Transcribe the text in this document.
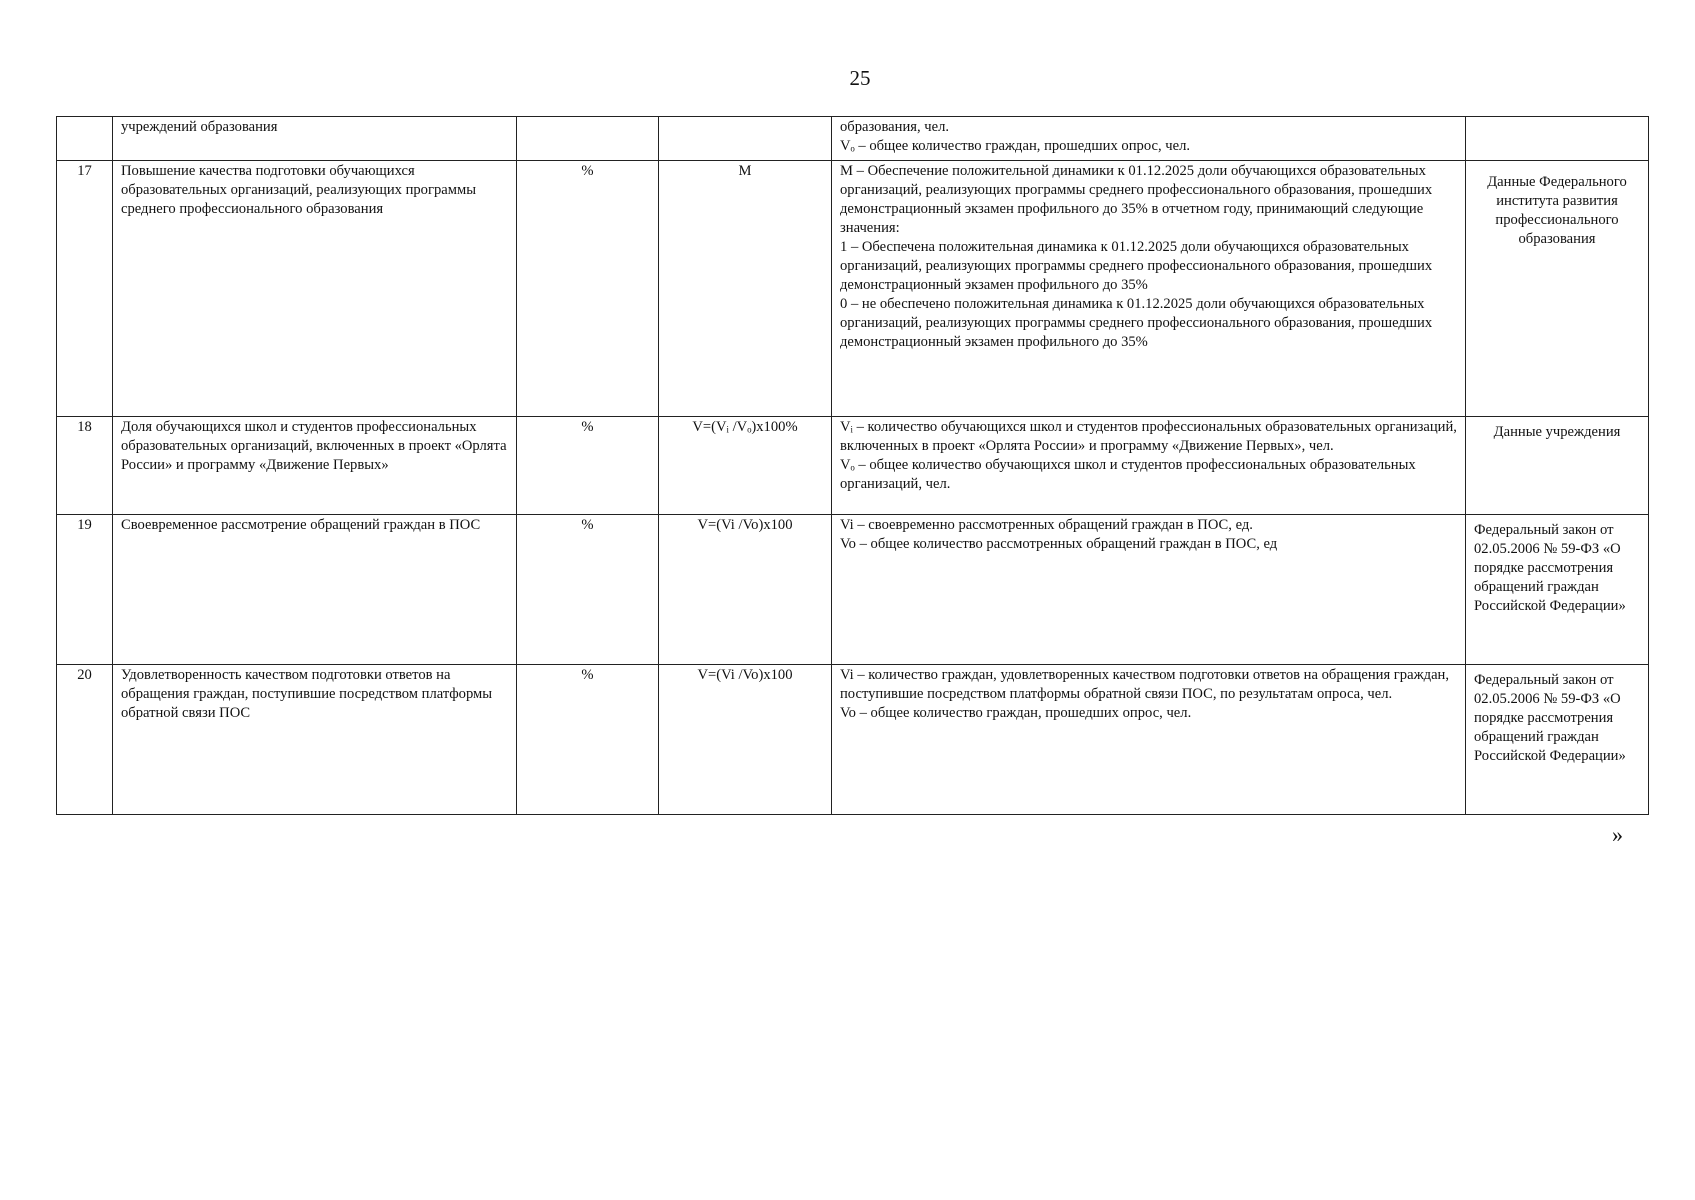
25
	учреждений образования			образования, чел.
Vₒ – общее количество граждан, прошедших опрос, чел.	

17	Повышение качества подготовки обучающихся образовательных организаций, реализующих программы среднего профессионального образования	%	М	М – Обеспечение положительной динамики к 01.12.2025 доли обучающихся образовательных организаций, реализующих программы среднего профессионального образования, прошедших демонстрационный экзамен профильного до 35% в отчетном году, принимающий следующие значения:
1 – Обеспечена положительная динамика к 01.12.2025 доли обучающихся образовательных организаций, реализующих программы среднего профессионального образования, прошедших демонстрационный экзамен профильного до 35%
0 – не обеспечено положительная динамика к 01.12.2025 доли обучающихся образовательных организаций, реализующих программы среднего профессионального образования, прошедших демонстрационный экзамен профильного до 35%	Данные Федерального института развития профессионального образования
18	Доля обучающихся школ и студентов профессиональных образовательных организаций, включенных в проект «Орлята России» и программу «Движение Первых»	%	V=(Vᵢ /Vₒ)x100%	Vᵢ – количество обучающихся школ и студентов профессиональных образовательных организаций, включенных в проект «Орлята России» и программу «Движение Первых», чел.
Vₒ – общее количество обучающихся школ и студентов профессиональных образовательных организаций, чел.	Данные учреждения
19	Своевременное рассмотрение обращений граждан в ПОС	%	V=(Vi /Vo)x100	Vi – своевременно рассмотренных обращений граждан в ПОС, ед.
Vo – общее количество рассмотренных обращений граждан в ПОС, ед	Федеральный закон от 02.05.2006 № 59-ФЗ «О порядке рассмотрения обращений граждан Российской Федерации»
20	Удовлетворенность качеством подготовки ответов на обращения граждан, поступившие посредством платформы обратной связи ПОС	%	V=(Vi /Vo)x100	Vi – количество граждан, удовлетворенных качеством подготовки ответов на обращения граждан, поступившие посредством платформы обратной связи ПОС, по результатам опроса, чел.
Vo – общее количество граждан, прошедших опрос, чел.	Федеральный закон от 02.05.2006 № 59-ФЗ «О порядке рассмотрения обращений граждан Российской Федерации»
»
